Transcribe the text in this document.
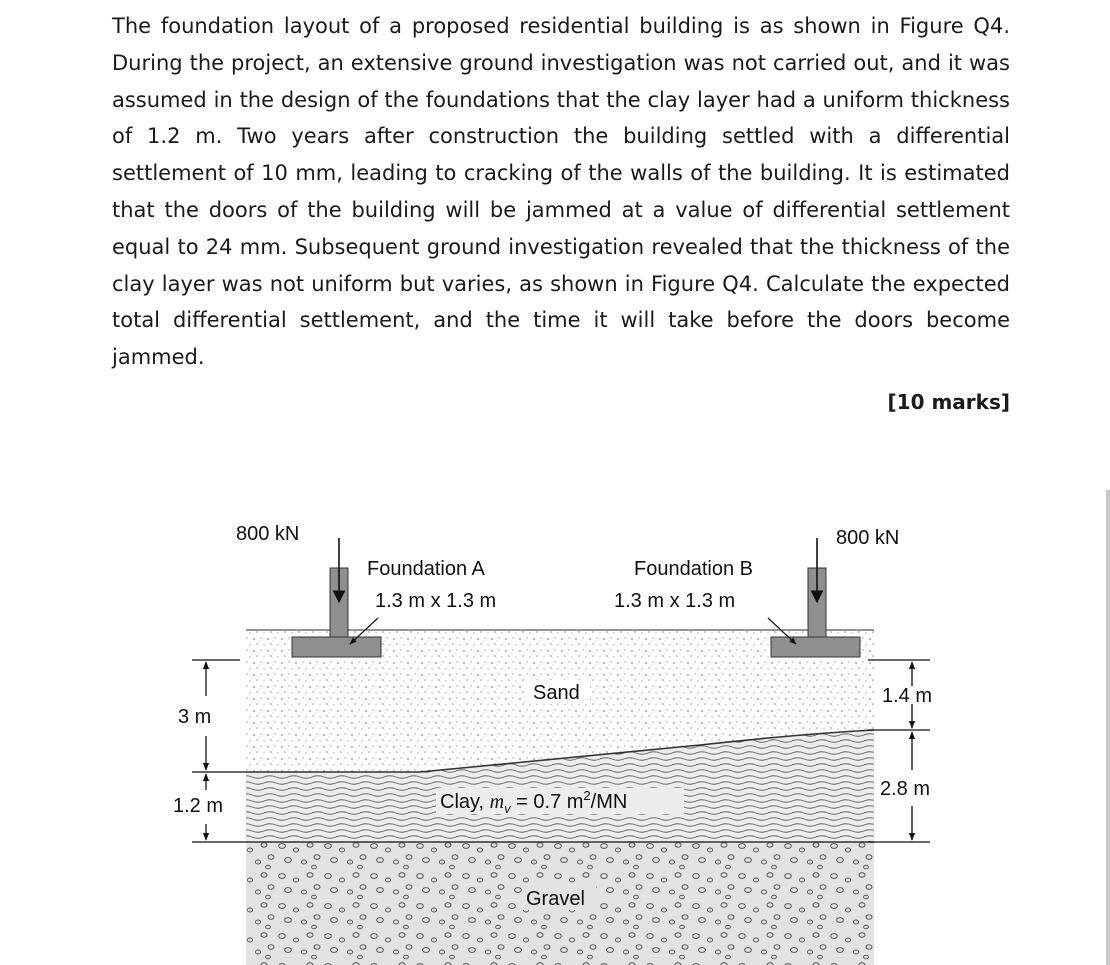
The foundation layout of a proposed residential building is as shown in Figure Q4. During the project, an extensive ground investigation was not carried out, and it was assumed in the design of the foundations that the clay layer had a uniform thickness of 1.2 m. Two years after construction the building settled with a differential settlement of 10 mm, leading to cracking of the walls of the building. It is estimated that the doors of the building will be jammed at a value of differential settlement equal to 24 mm. Subsequent ground investigation revealed that the thickness of the clay layer was not uniform but varies, as shown in Figure Q4. Calculate the expected total differential settlement, and the time it will take before the doors become jammed.

[10 marks]
800 kN	800 kN
Foundation A
1.3 m x 1.3 m
Foundation B
1.3 m x 1.3 m
Sand
Clay, $m_v = 0.7$ $m^2/MN$
Gravel
3 m
1.2 m
1.4 m
2.8 m
